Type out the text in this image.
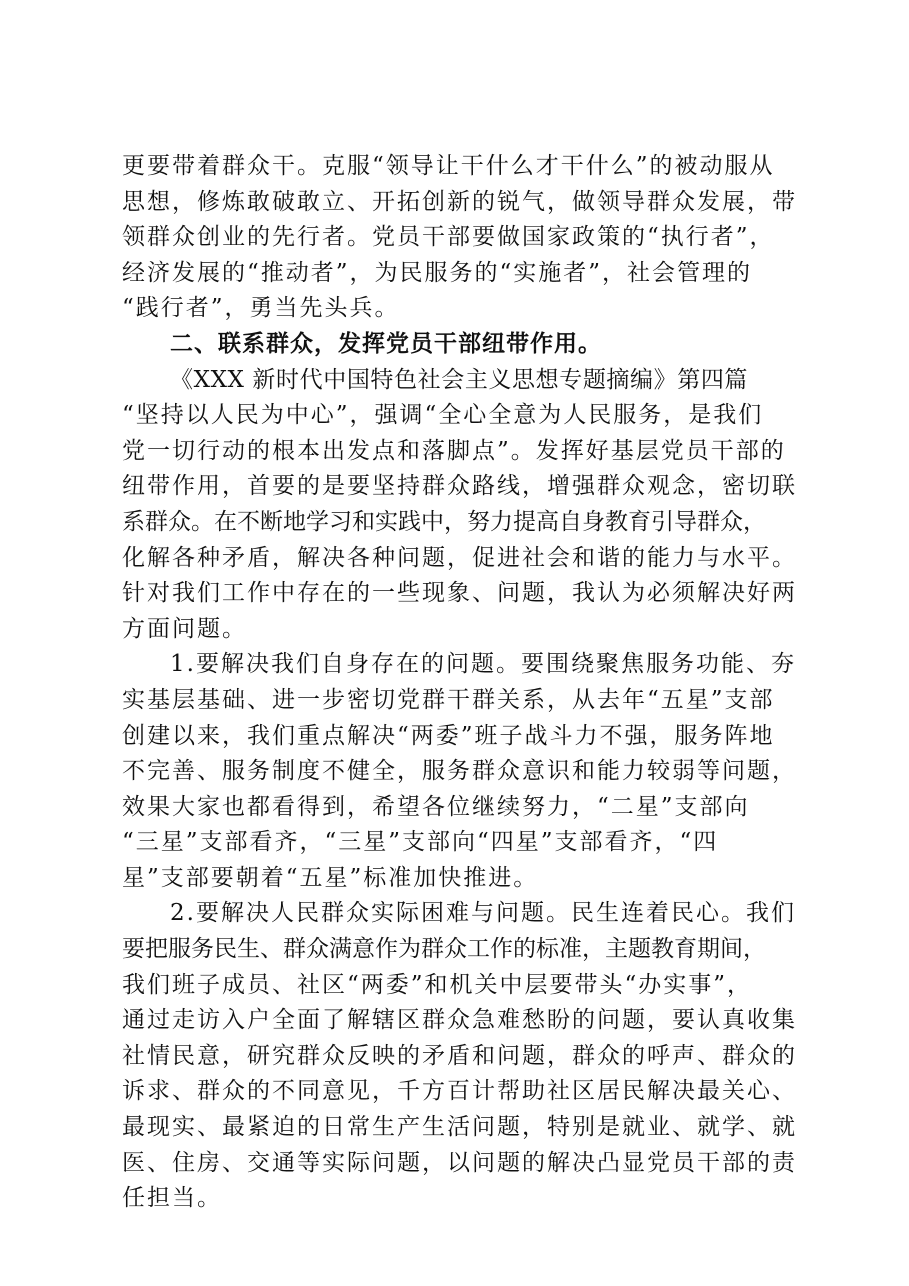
更要带着群众干。克服“领导让干什么才干什么”的被动服从
思想，修炼敢破敢立、开拓创新的锐气，做领导群众发展，带
领群众创业的先行者。党员干部要做国家政策的“执行者”，
经济发展的“推动者”，为民服务的“实施者”，社会管理的
“践行者”，勇当先头兵。
二、联系群众，发挥党员干部纽带作用。
《XXX 新时代中国特色社会主义思想专题摘编》第四篇
“坚持以人民为中心”，强调“全心全意为人民服务，是我们
党一切行动的根本出发点和落脚点”。发挥好基层党员干部的
纽带作用，首要的是要坚持群众路线，增强群众观念，密切联
系群众。在不断地学习和实践中，努力提高自身教育引导群众，
化解各种矛盾，解决各种问题，促进社会和谐的能力与水平。
针对我们工作中存在的一些现象、问题，我认为必须解决好两
方面问题。
1.要解决我们自身存在的问题。要围绕聚焦服务功能、夯
实基层基础、进一步密切党群干群关系，从去年“五星”支部
创建以来，我们重点解决“两委”班子战斗力不强，服务阵地
不完善、服务制度不健全，服务群众意识和能力较弱等问题，
效果大家也都看得到，希望各位继续努力，“二星”支部向
“三星”支部看齐，“三星”支部向“四星”支部看齐，“四
星”支部要朝着“五星”标准加快推进。
2.要解决人民群众实际困难与问题。民生连着民心。我们
要把服务民生、群众满意作为群众工作的标准，主题教育期间，
我们班子成员、社区“两委”和机关中层要带头“办实事”，
通过走访入户全面了解辖区群众急难愁盼的问题，要认真收集
社情民意，研究群众反映的矛盾和问题，群众的呼声、群众的
诉求、群众的不同意见，千方百计帮助社区居民解决最关心、
最现实、最紧迫的日常生产生活问题，特别是就业、就学、就
医、住房、交通等实际问题，以问题的解决凸显党员干部的责
任担当。
